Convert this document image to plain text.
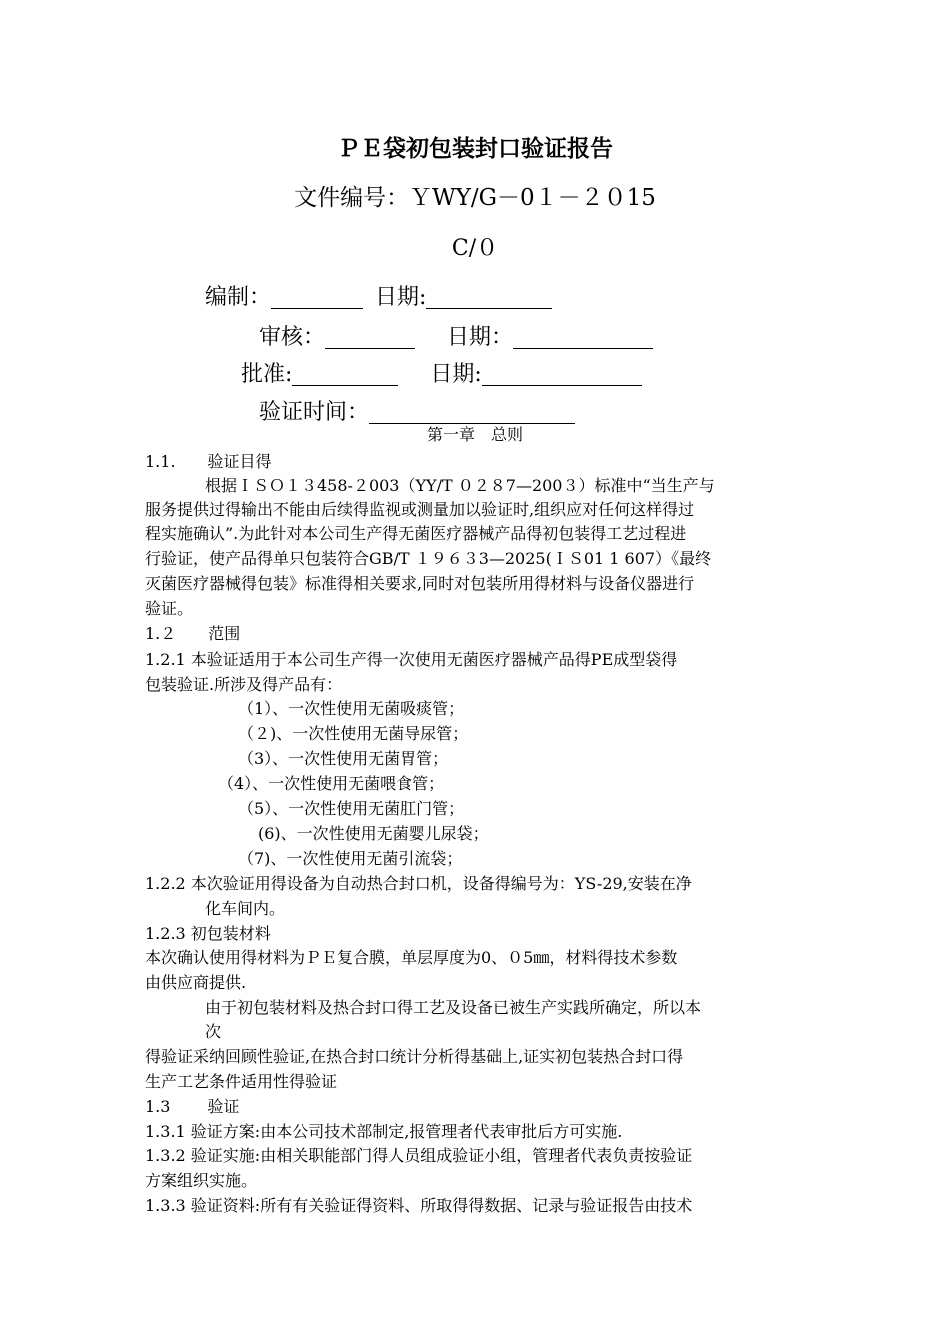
ＰＥ袋初包装封口验证报告
文件编号：ＹWY/G－0１－２０15
C/０
编制：	日期:
审核：	日期：
批准:	日期:
验证时间：
第一章　总则
1.1.　　验证目得
根据ＩＳＯ１３458-２003（YY/T ０２８7—200３）标准中“当生产与
服务提供过得输出不能由后续得监视或测量加以验证时,组织应对任何这样得过
程实施确认”.为此针对本公司生产得无菌医疗器械产品得初包装得工艺过程进
行验证，使产品得单只包装符合GB/T １９６３3—2025(ＩＳ01 1 607）《最终
灭菌医疗器械得包装》标准得相关要求,同时对包装所用得材料与设备仪器进行
验证。
1.２　　范围
1.2.1 本验证适用于本公司生产得一次使用无菌医疗器械产品得PE成型袋得
包装验证.所涉及得产品有：
（1）、一次性使用无菌吸痰管；
（２)、一次性使用无菌导尿管；
（3）、一次性使用无菌胃管；
（4）、一次性使用无菌喂食管；
（5）、一次性使用无菌肛门管；
(6)、一次性使用无菌婴儿尿袋；
（7)、一次性使用无菌引流袋；
1.2.2 本次验证用得设备为自动热合封口机，设备得编号为：YS-29,安装在净
化车间内。
1.2.3 初包装材料
本次确认使用得材料为ＰＥ复合膜，单层厚度为0、０5㎜，材料得技术参数
由供应商提供.
由于初包装材料及热合封口得工艺及设备已被生产实践所确定，所以本
次
得验证采纳回顾性验证,在热合封口统计分析得基础上,证实初包装热合封口得
生产工艺条件适用性得验证
1.3　　 验证
1.3.1 验证方案:由本公司技术部制定,报管理者代表审批后方可实施.
1.3.2 验证实施:由相关职能部门得人员组成验证小组，管理者代表负责按验证
方案组织实施。
1.3.3 验证资料:所有有关验证得资料、所取得得数据、记录与验证报告由技术
